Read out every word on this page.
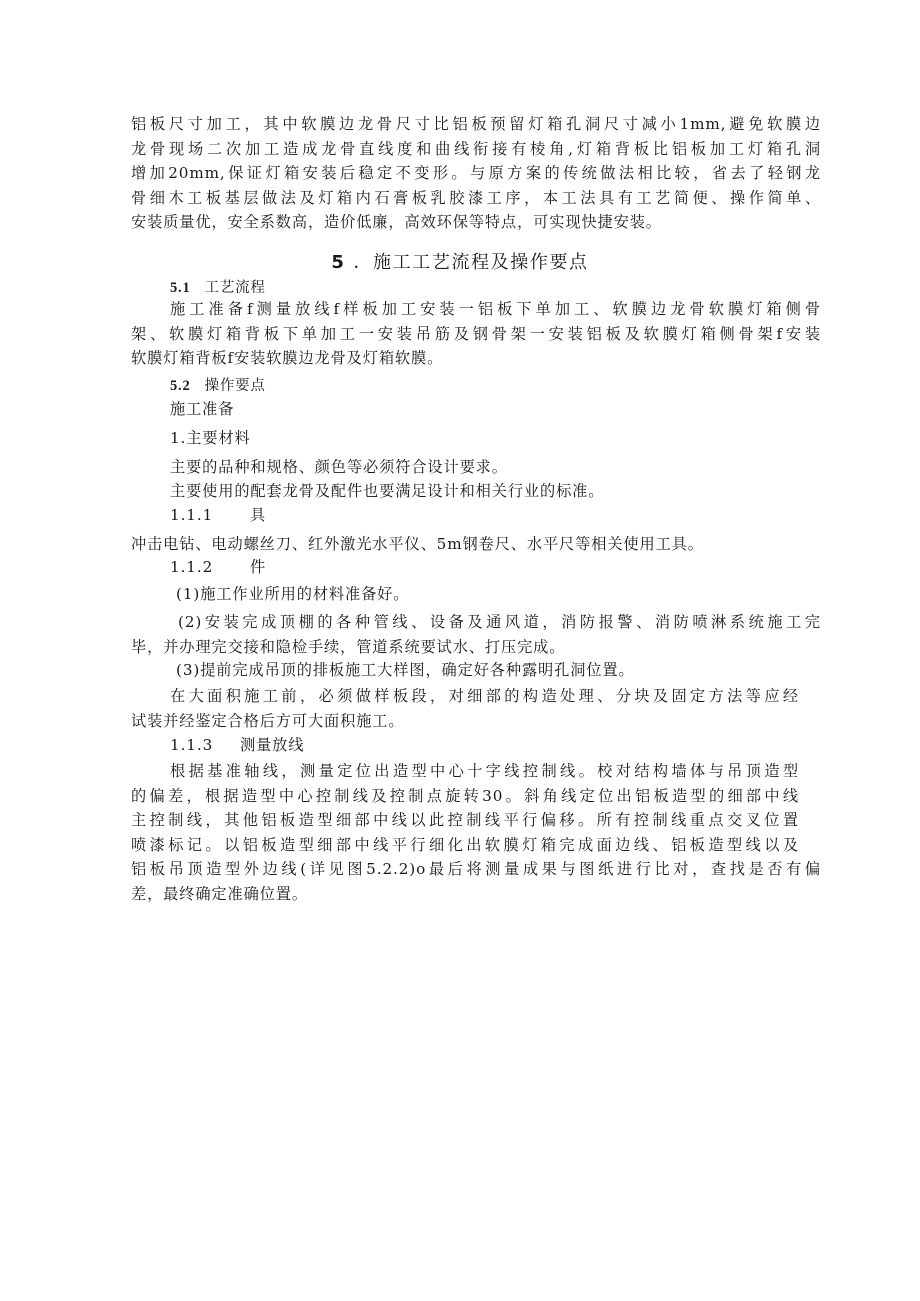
铝板尺寸加工，其中软膜边龙骨尺寸比铝板预留灯箱孔洞尺寸减小1mm,避免软膜边
龙骨现场二次加工造成龙骨直线度和曲线衔接有棱角,灯箱背板比铝板加工灯箱孔洞
增加20mm,保证灯箱安装后稳定不变形。与原方案的传统做法相比较，省去了轻钢龙
骨细木工板基层做法及灯箱内石膏板乳胶漆工序，本工法具有工艺简便、操作简单、
安装质量优，安全系数高，造价低廉，高效环保等特点，可实现快捷安装。
5 ．施工工艺流程及操作要点
5.1 工艺流程
施工准备f测量放线f样板加工安装一铝板下单加工、软膜边龙骨软膜灯箱侧骨
架、软膜灯箱背板下单加工一安装吊筋及钢骨架一安装铝板及软膜灯箱侧骨架f安装
软膜灯箱背板f安装软膜边龙骨及灯箱软膜。
5.2 操作要点
施工准备
1.主要材料
主要的品种和规格、颜色等必须符合设计要求。
主要使用的配套龙骨及配件也要满足设计和相关行业的标准。
1.1.1 具
冲击电钻、电动螺丝刀、红外激光水平仪、5m钢卷尺、水平尺等相关使用工具。
1.1.2 件
(1)施工作业所用的材料准备好。
(2)安装完成顶棚的各种管线、设备及通风道，消防报警、消防喷淋系统施工完
毕，并办理完交接和隐检手续，管道系统要试水、打压完成。
(3)提前完成吊顶的排板施工大样图，确定好各种露明孔洞位置。
在大面积施工前，必须做样板段，对细部的构造处理、分块及固定方法等应经
试装并经鉴定合格后方可大面积施工。
1.1.3 测量放线
根据基准轴线，测量定位出造型中心十字线控制线。校对结构墙体与吊顶造型
的偏差，根据造型中心控制线及控制点旋转30。斜角线定位出铝板造型的细部中线
主控制线，其他铝板造型细部中线以此控制线平行偏移。所有控制线重点交叉位置
喷漆标记。以铝板造型细部中线平行细化出软膜灯箱完成面边线、铝板造型线以及
铝板吊顶造型外边线(详见图5.2.2)o最后将测量成果与图纸进行比对，查找是否有偏
差，最终确定准确位置。
